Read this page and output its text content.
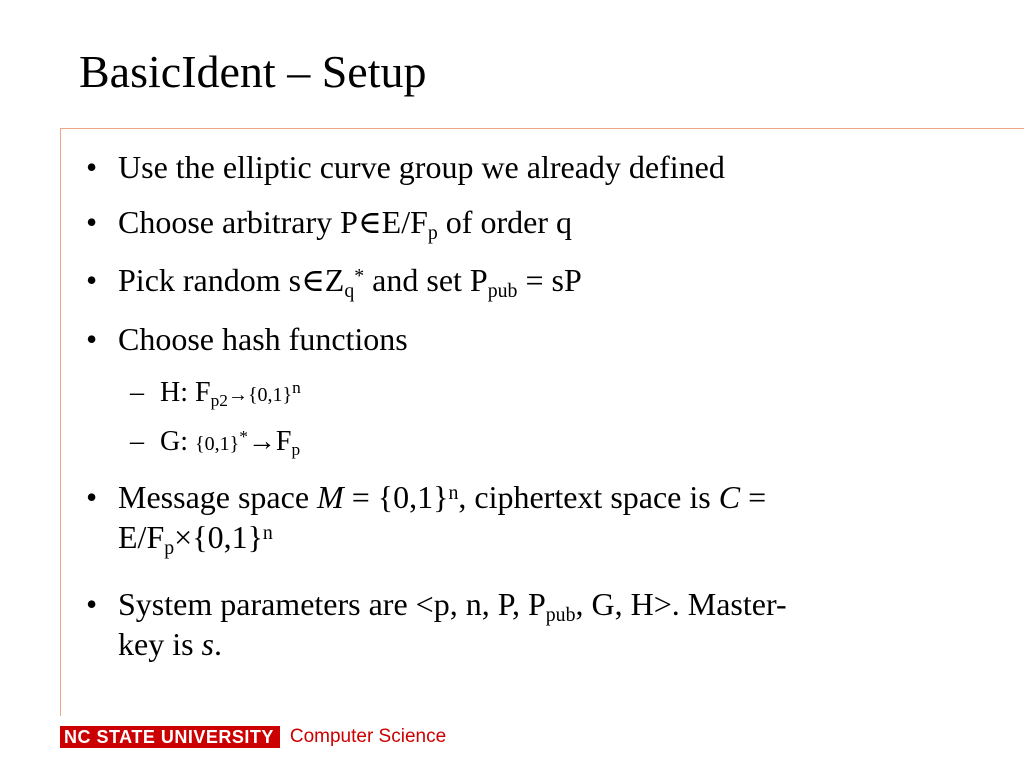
BasicIdent – Setup
• Use the elliptic curve group we already defined
• Choose arbitrary $P\in E/F_p$ of order q
• Pick random $s\in Z_q^*$ and set $P_{pub}$ = sP
• Choose hash functions
– H: $F_{p2}\to\{0,1\}^n$
– G: $\{0,1\}^*\to F_p$
• Message space $M = \{0,1\}^n$, ciphertext space is C =
$E/F_p\times\{0,1\}^n$
• System parameters are <p, n, P, $P_{pub}$, G, H>. Master-
key is s.
NC STATE UNIVERSITY Computer Science
